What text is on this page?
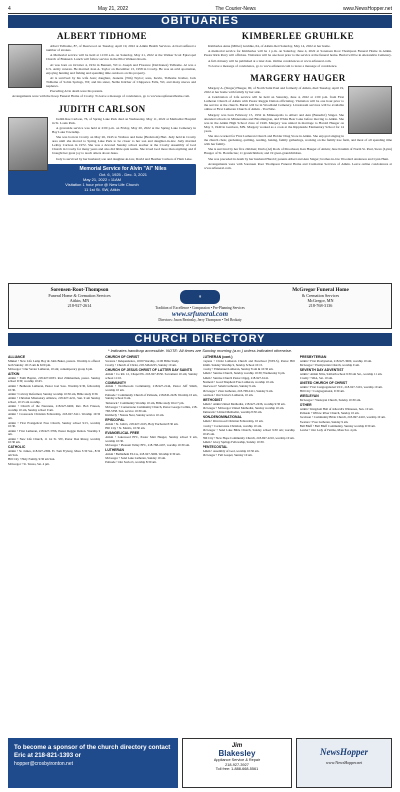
4	May 21, 2022	The Courier-News	www.NewsHopper.net
OBITUARIES
ALBERT TIDHOME

Albert Tidhome, 87, of Deerwood on Tuesday, April 19, 2022 at Aitkin Health Services. Al had suffered a number of strokes.

A Memorial service will be held at 11:00 a.m. on Saturday, May 21, 2022 at the Walker Scott Episcopal Church of Brainerd. Lunch will follow service in the Pilot Walkers Room.

Al was born on October 4, 1934 in Bennett, WI to Joseph and Florence (DeChanez) Tidhome. Al was a U.S. Army veteran. He married Jean A. Taylor on December 13, 1958 in Crosby. He was an avid sportsman, enjoying hunting and fishing and spending time outdoors on his property.

Al is survived by his wife Jean; daughter, Jeanette (Tim) Taylor; sons, Kevin, Tidhome brother, Jack Tidhome of Sobin Springs, WI; and his sister, Nellie Kilcher of Chippewa Falls, WI, and many nieces and nephews.

Preceding Al in death were his parents.

Arrangements were with the Koop Funeral Home of Crosby. To leave a message of condolence, go to www.koopfuneralhome.com.

JUDITH CARLSON

Judith Rae Carlson, 76, of Spring Lake Park died on Wednesday, May 11, 2022 at Methodist Hospital in St. Louis Park.

A graveside service was held at 2:00 p.m. on Friday, May 20, 2022 at the Spring Lake Cemetery in Bay Lake Township.

She was born in Crosby on May 26, 1945 to Wallace and Irene (Hedstrom) Hart. Judy held in Crosby area until she moved to Spring Lake Park to be closer to her son and daughter-in-law. Judy married LeRoy Carlson in 1972. She was a devoted Sunday school teacher at the Crosby Assembly of God Church in Crosby for many years and also did bible quiz teams. She loved God more than anything and if brought her great joy to teach others about Jesus.

Judy is survived by her husband; son and daughter-in-law, David and Heather Carlson of Ham Lake.

Memorial Service for Alvin "Al" Niles
Oct. 6, 1925 - Dec. 3, 2021
May 21, 2022 • 11AM
Visitation 1 hour prior @ New Life Church
11 1st St. SW, Aitkin
KIMBERLEE GRUHLKE

Kimberlee Anne (Miller) Gruhlke, 64, of Aitkin died Saturday, May 14, 2022 at her home.

A memorial service for Kimberlee will be 1 p.m. on Saturday, June 4, 2022 at Sorensen Root Thompson Funeral Home in Aitkin. Pastor Rick Perry will officiate. Visitation will be one hour prior to the service at the funeral home. Burial will be in Alexandria Cemetery.

A full obituary will be published at a later date. Online condolences at www.srfuneral.com.

To leave a message of condolence, go to www.srfuneral.com to leave a message of condolence.

MARGERY HAUGER

Margery A. (Singer) Hauger, 90, of North Saint Paul and formerly of Aitkin, died Tuesday, April 19, 2022 at her home with family by her side.

A Celebration of Life service will be held on Saturday, June 4, 2022 at 1:00 p.m. from First Lutheran Church of Aitkin with Pastor Reggie Deiton officiating. Visitation will be one hour prior to the service at the church. Burial will be in Woodland Cemetery. Livestream services will be available online at First Lutheran Church of Aitkin - YouTube.

Margery was born February 15, 1932 in Minneapolis to Albert and Ann (Benedict) Singer. She attended schools in Minnetonka and Bloomington, and White Bear Lake before moving to Aitkin. She was in the Aitkin High School class of 1949. Margery was united in marriage to Harold Hauger on May 3, 1949 in Garrison, MN. Margery worked as a cook at the Rippleside Elementary School for 14 years.

She also worked for First Lutheran Church and Holder Drug Store in Aitkin. She enjoyed singing in the church choir, gardening, quilting, reading, baking, family gatherings, working on the family tree farm, and most of all spending time with her family.

She is survived by her five children; Darla (Al) Rock of Moorhead, Ken Hauger of Aitkin; Jane Krumm of North St. Paul, Steve (Lynn) Hauger of St. Bonifacius; 11 grandchildren; and 19 great-grandchildren.

She was preceded in death by her husband Harold; parents Albert and Ann Singer; brother-in-law Woodard Anderson and Lynn Hunt.

Arrangements were with Sorensen Root Thompson Funeral Home and Cremation Services of Aitkin. Leave online condolences at www.srfuneral.com.

Sorensen-Root-Thompson
Funeral Home & Cremation Services
Aitkin, MN
218-927-2614
✝
Tradition of Excellence • Compassion • Pre-Planning Services
www.srfuneral.com
Directors: Jason Bezinsky, Jerry Thompson • Ted Brokaty
McGregor Funeral Home
& Cremation Services
McGregor, MN
218-768-3136
CHURCH DIRECTORY
* Indicates handicap accessible. NOTE: All times are Sunday morning (a.m.) unless indicated otherwise.
ALLIANCE
Mikkel • New Life Lamp Boy & John Baker, pastors. Worship is offered both Sunday 10:15 am & 6:00 pm.
McGregor • Our Savior Lutheran, 10 am; contemporary group 6 pm.
AITKIN
Aitkin • Faith Baptist, 218-927-6033. Rod Zimmerman, pastor. Sunday school 9:30; worship 10:45.
Aitkin • Bethesda Lutheran, Pastor Joel Soto. Worship 9:30, fellowship 10:30.
Aitkin • Calvary Reformed, Sunday worship 10:30 am, Bible study 9:30.
Aitkin • Christian Missionary Alliance, 218-927-4211, Sun. 9 am Sunday school, 10:15 am worship.
Aitkin • Church of the Nazarene, 218-927-6460, Rev. Bob Frieson, worship 10 am, Sunday school 9 am.
Aitkin • Crossroads Christian Fellowship, 218-927-3411. Worship 10:30 am.
Aitkin • First Evangelical Free Church, Sunday school 9:15, worship 10:30.
Aitkin • First Lutheran, 218-927-3766, Pastor Reggie Deiton. Worship 9 am.
Aitkin • New Life Church, 11 1st St. SW, Pastor Don Ristey, worship 10:30 am.
CATHOLIC
Aitkin • St. James, 218-927-2306. Fr. Tom Fryberg. Mass 5:30 Sat., 8:30 am Sun.
Hill City • Holy Family, 9:30 am Sun.
McGregor • St. Teresa, Sat. 4 pm.
CHURCH OF CHRIST
Swatara • Independence, 10:00 Worship, 11:00 Bible Study.
Crosby • Church of Christ, 218-546-6225, Sunday 10 am.
CHURCH OF JESUS CHRIST OF LATTER DAY SAINTS
Aitkin • Co Rd. 12, Chapel Ph. 218-927-6550. Sacrament 10 am; Sunday school 11:10.
COMMUNITY
Aitkin • Northwoods Community, 218-927-2144, Pastor Jeff Smith, worship 10 am.
Palisade • Community Church of Palisade, 218-845-2228. Worship 10 am, Sunday school 9 am.
Tamarack • Community Worship 10 am, Bible study Wed 7 pm.
McGregor • Cornerstone Community Church, Pastor George Collins, 218-768-3358. Sun. service 10:30 am.
Kimberly • Nature Nest, Sunday service 10 am.
EPISCOPAL
Aitkin • St. John's, 218-927-2165, Holy Eucharist 8:30 am.
Hill City • St. Mark's, 10:30 am.
EVANGELICAL FREE
Aitkin • Lakewood EFC, Pastor Matt Hauger, Sunday school 9 am, worship 10:30.
McGregor • Pleasant Valley EFC, 218-768-4167, worship 10:30 am.
LUTHERAN
Aitkin • Bethlehem ELCA, 218-927-3606. Worship 9:30 am.
McGregor • Sand Lake Lutheran, Sunday 10 am.
Palisade • Our Savior's, worship 8:30 am.
LUTHERAN (cont.)
Cuyuna • Christ Lutheran Church and Preschool (WELS), Pastor Bill Smith. Sunday Worship 9, Sunday School 10:15.
Crosby • Emmanuel Lutheran, Sunday 8 am & 10:30 am.
Aitkin • Sunrise Church, Sunday worship 10:30; Wednesday 6 pm.
Aitkin • Sunrise Church Pastor Orgeg, 218-927-6141.
Brainerd • Good Shepherd Free Lutheran, worship 10 am.
Deerwood • Salem Lutheran, Sunday 9 am.
McGregor • Zion Lutheran, 218-768-2411, Sunday 9 am.
Garrison • Our Savior's Lutheran, 10 am.
METHODIST
Aitkin • Aitkin United Methodist, 218-927-2436, worship 9:30 am.
McGregor • McGregor United Methodist, Sunday worship 10 am.
Tamarack • United Methodist, worship 8:30 am.
NON-DENOMINATIONAL
Aitkin • Riverwood Christian Fellowship, 10 am.
Crosby • Cornerstone Christian, worship 10 am.
McGregor • Sand Lake Bible Church, Sunday school 9:30 am; worship 10:45 am.
Hill City • New Hope Community Church, 218-697-2210, worship 10 am.
Aitkin • Glory Springs Fellowship, Sunday 10:30.
PENTECOSTAL
Aitkin • Assembly of God, worship 10:30 am.
McGregor • Full Gospel, Sunday 10 am.
PRESBYTERIAN
Aitkin • First Presbyterian, 218-927-3600, worship 10 am.
McGregor • Presbyterian Church, worship 9 am.
SEVENTH DAY ADVENTIST
Aitkin • Aitkin SDA, Sabbath school 9:30 am Sat., worship 11 am.
Crosby • SDA, Sat. 10 am.
UNITED CHURCH OF CHRIST
Aitkin • First Congregational UCC, 218-927-3101, worship 10 am.
Hill City • Congregational, 9:30 am.
WESLEYAN
McGregor • Wesleyan Church, Sunday 10:30 am.
OTHER
Aitkin • Kingdom Hall of Jehovah's Witnesses, Sun. 10 am.
Palisade • Willow River Church, Sunday 10 am.
Jacobson • Community Bible Church, 218-697-2410, worship 10 am.
Swatara • Free Lutheran, Sunday 9 am.
Ball Bluff • Ball Bluff Community, Sunday worship 9:30 am.
Lawler • Our Lady of Fatima, Mass Sat. 4 pm.
To become a sponsor of the church directory contact Eric at 218-821-1393 or
hopper@crosbyironton.net
Jim
Blakesley
Appliance Service & Repair
218-927-3927
Toll free: 1-888-668-5561
NewsHopper
www.NewsHopper.net
